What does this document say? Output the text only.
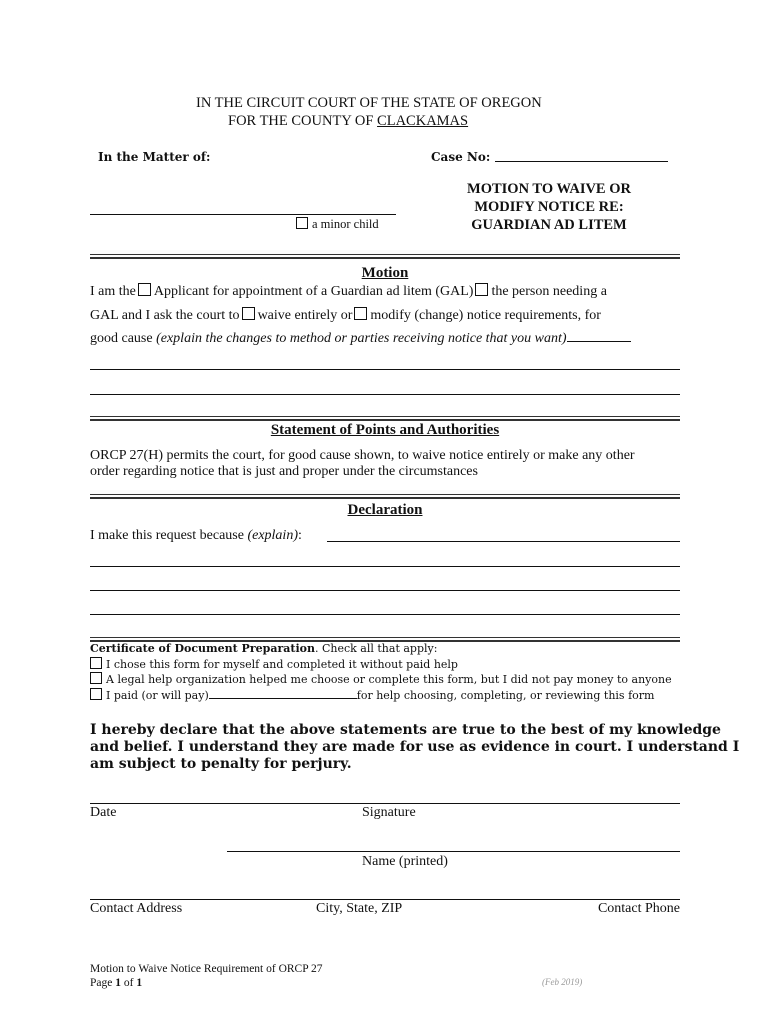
IN THE CIRCUIT COURT OF THE STATE OF OREGON
FOR THE COUNTY OF CLACKAMAS
In the Matter of:	Case No:
a minor child
MOTION TO WAIVE OR
MODIFY NOTICE RE:
GUARDIAN AD LITEM
Motion
I am the Applicant for appointment of a Guardian ad litem (GAL) the person needing a
GAL and I ask the court to waive entirely or modify (change) notice requirements, for
good cause (explain the changes to method or parties receiving notice that you want)
Statement of Points and Authorities
ORCP 27(H) permits the court, for good cause shown, to waive notice entirely or make any other
order regarding notice that is just and proper under the circumstances
Declaration
I make this request because (explain):
Certificate of Document Preparation. Check all that apply:
I chose this form for myself and completed it without paid help
A legal help organization helped me choose or complete this form, but I did not pay money to anyone
I paid (or will pay)	for help choosing, completing, or reviewing this form
I hereby declare that the above statements are true to the best of my knowledge
and belief. I understand they are made for use as evidence in court. I understand I
am subject to penalty for perjury.
Date	Signature
Name (printed)
Contact Address	City, State, ZIP	Contact Phone
Motion to Waive Notice Requirement of ORCP 27
Page 1 of 1	(Feb 2019)
